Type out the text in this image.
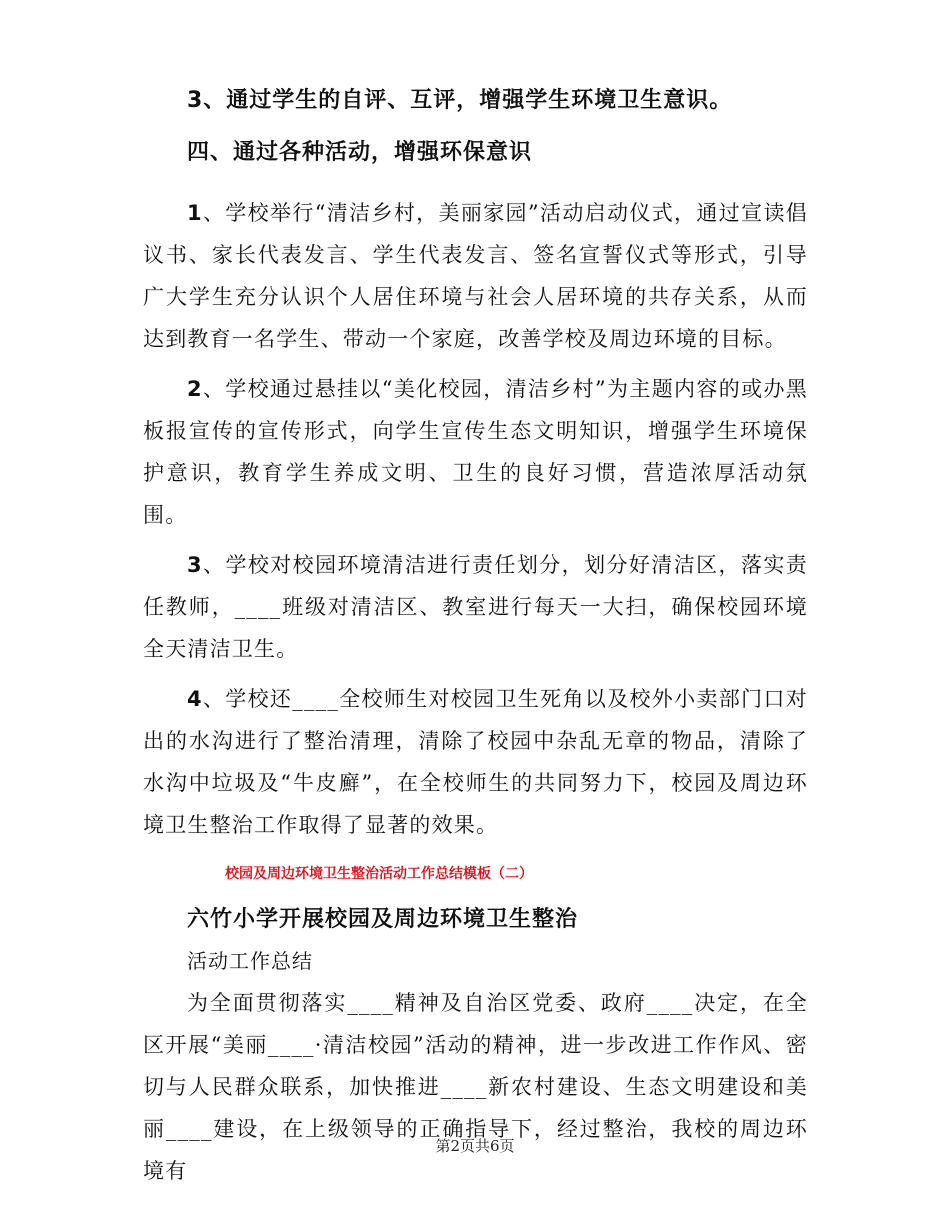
3、通过学生的自评、互评，增强学生环境卫生意识。

四、通过各种活动，增强环保意识

1、学校举行“清洁乡村，美丽家园”活动启动仪式，通过宣读倡议书、家长代表发言、学生代表发言、签名宣誓仪式等形式，引导广大学生充分认识个人居住环境与社会人居环境的共存关系，从而达到教育一名学生、带动一个家庭，改善学校及周边环境的目标。

2、学校通过悬挂以“美化校园，清洁乡村”为主题内容的或办黑板报宣传的宣传形式，向学生宣传生态文明知识，增强学生环境保护意识，教育学生养成文明、卫生的良好习惯，营造浓厚活动氛围。

3、学校对校园环境清洁进行责任划分，划分好清洁区，落实责任教师，____班级对清洁区、教室进行每天一大扫，确保校园环境全天清洁卫生。

4、学校还____全校师生对校园卫生死角以及校外小卖部门口对出的水沟进行了整治清理，清除了校园中杂乱无章的物品，清除了水沟中垃圾及“牛皮廯”，在全校师生的共同努力下，校园及周边环境卫生整治工作取得了显著的效果。

校园及周边环境卫生整治活动工作总结模板（二）

六竹小学开展校园及周边环境卫生整治

活动工作总结

为全面贯彻落实____精神及自治区党委、政府____决定，在全区开展“美丽____·清洁校园”活动的精神，进一步改进工作作风、密切与人民群众联系，加快推进____新农村建设、生态文明建设和美丽____建设，在上级领导的正确指导下，经过整治，我校的周边环境有

第2页共6页
